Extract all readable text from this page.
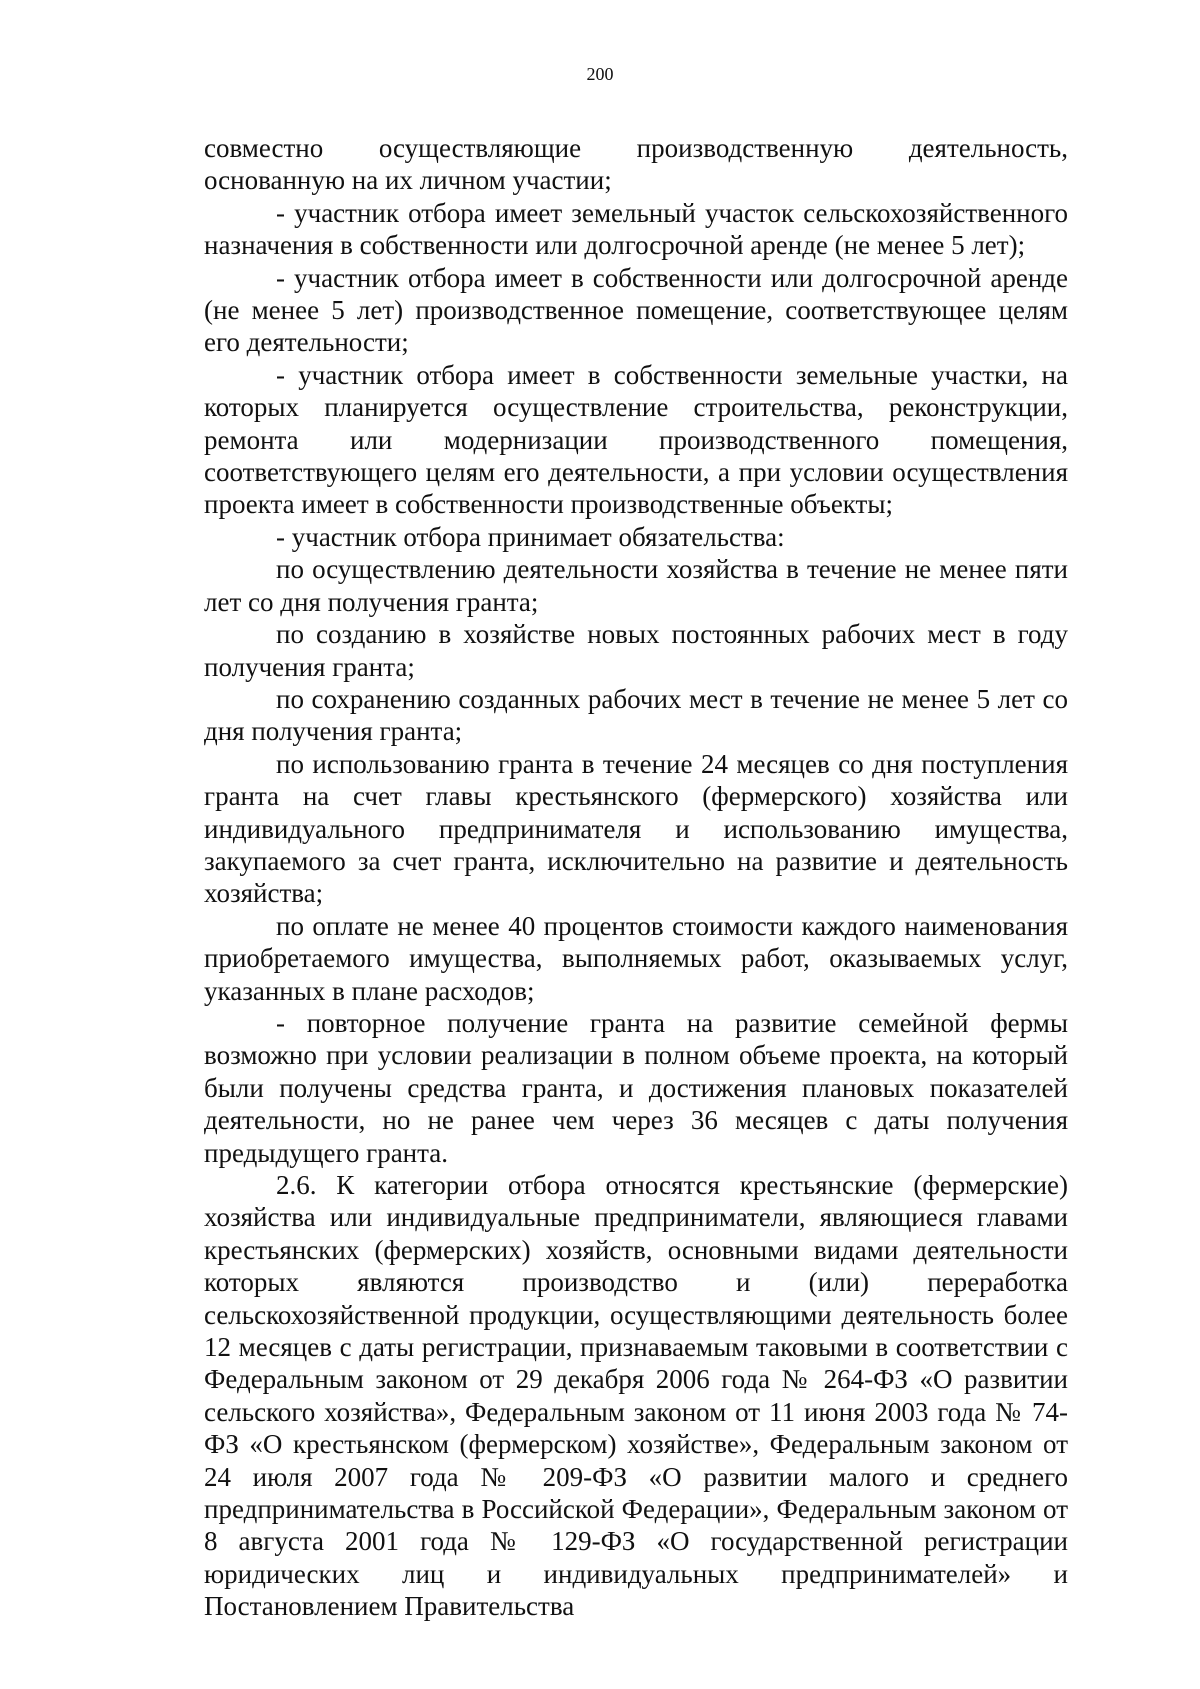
200

совместно осуществляющие производственную деятельность, основанную на их личном участии;

- участник отбора имеет земельный участок сельскохозяйственного назначения в собственности или долгосрочной аренде (не менее 5 лет);

- участник отбора имеет в собственности или долгосрочной аренде (не менее 5 лет) производственное помещение, соответствующее целям его деятельности;

- участник отбора имеет в собственности земельные участки, на которых планируется осуществление строительства, реконструкции, ремонта или модернизации производственного помещения, соответствующего целям его деятельности, а при условии осуществления проекта имеет в собственности производственные объекты;

- участник отбора принимает обязательства:

по осуществлению деятельности хозяйства в течение не менее пяти лет со дня получения гранта;

по созданию в хозяйстве новых постоянных рабочих мест в году получения гранта;

по сохранению созданных рабочих мест в течение не менее 5 лет со дня получения гранта;

по использованию гранта в течение 24 месяцев со дня поступления гранта на счет главы крестьянского (фермерского) хозяйства или индивидуального предпринимателя и использованию имущества, закупаемого за счет гранта, исключительно на развитие и деятельность хозяйства;

по оплате не менее 40 процентов стоимости каждого наименования приобретаемого имущества, выполняемых работ, оказываемых услуг, указанных в плане расходов;

- повторное получение гранта на развитие семейной фермы возможно при условии реализации в полном объеме проекта, на который были получены средства гранта, и достижения плановых показателей деятельности, но не ранее чем через 36 месяцев с даты получения предыдущего гранта.

2.6. К категории отбора относятся крестьянские (фермерские) хозяйства или индивидуальные предприниматели, являющиеся главами крестьянских (фермерских) хозяйств, основными видами деятельности которых являются производство и (или) переработка сельскохозяйственной продукции, осуществляющими деятельность более 12 месяцев с даты регистрации, признаваемым таковыми в соответствии с Федеральным законом от 29 декабря 2006 года № 264-ФЗ «О развитии сельского хозяйства», Федеральным законом от 11 июня 2003 года № 74-ФЗ «О крестьянском (фермерском) хозяйстве», Федеральным законом от 24 июля 2007 года № 209-ФЗ «О развитии малого и среднего предпринимательства в Российской Федерации», Федеральным законом от 8 августа 2001 года № 129-ФЗ «О государственной регистрации юридических лиц и индивидуальных предпринимателей» и Постановлением Правительства
